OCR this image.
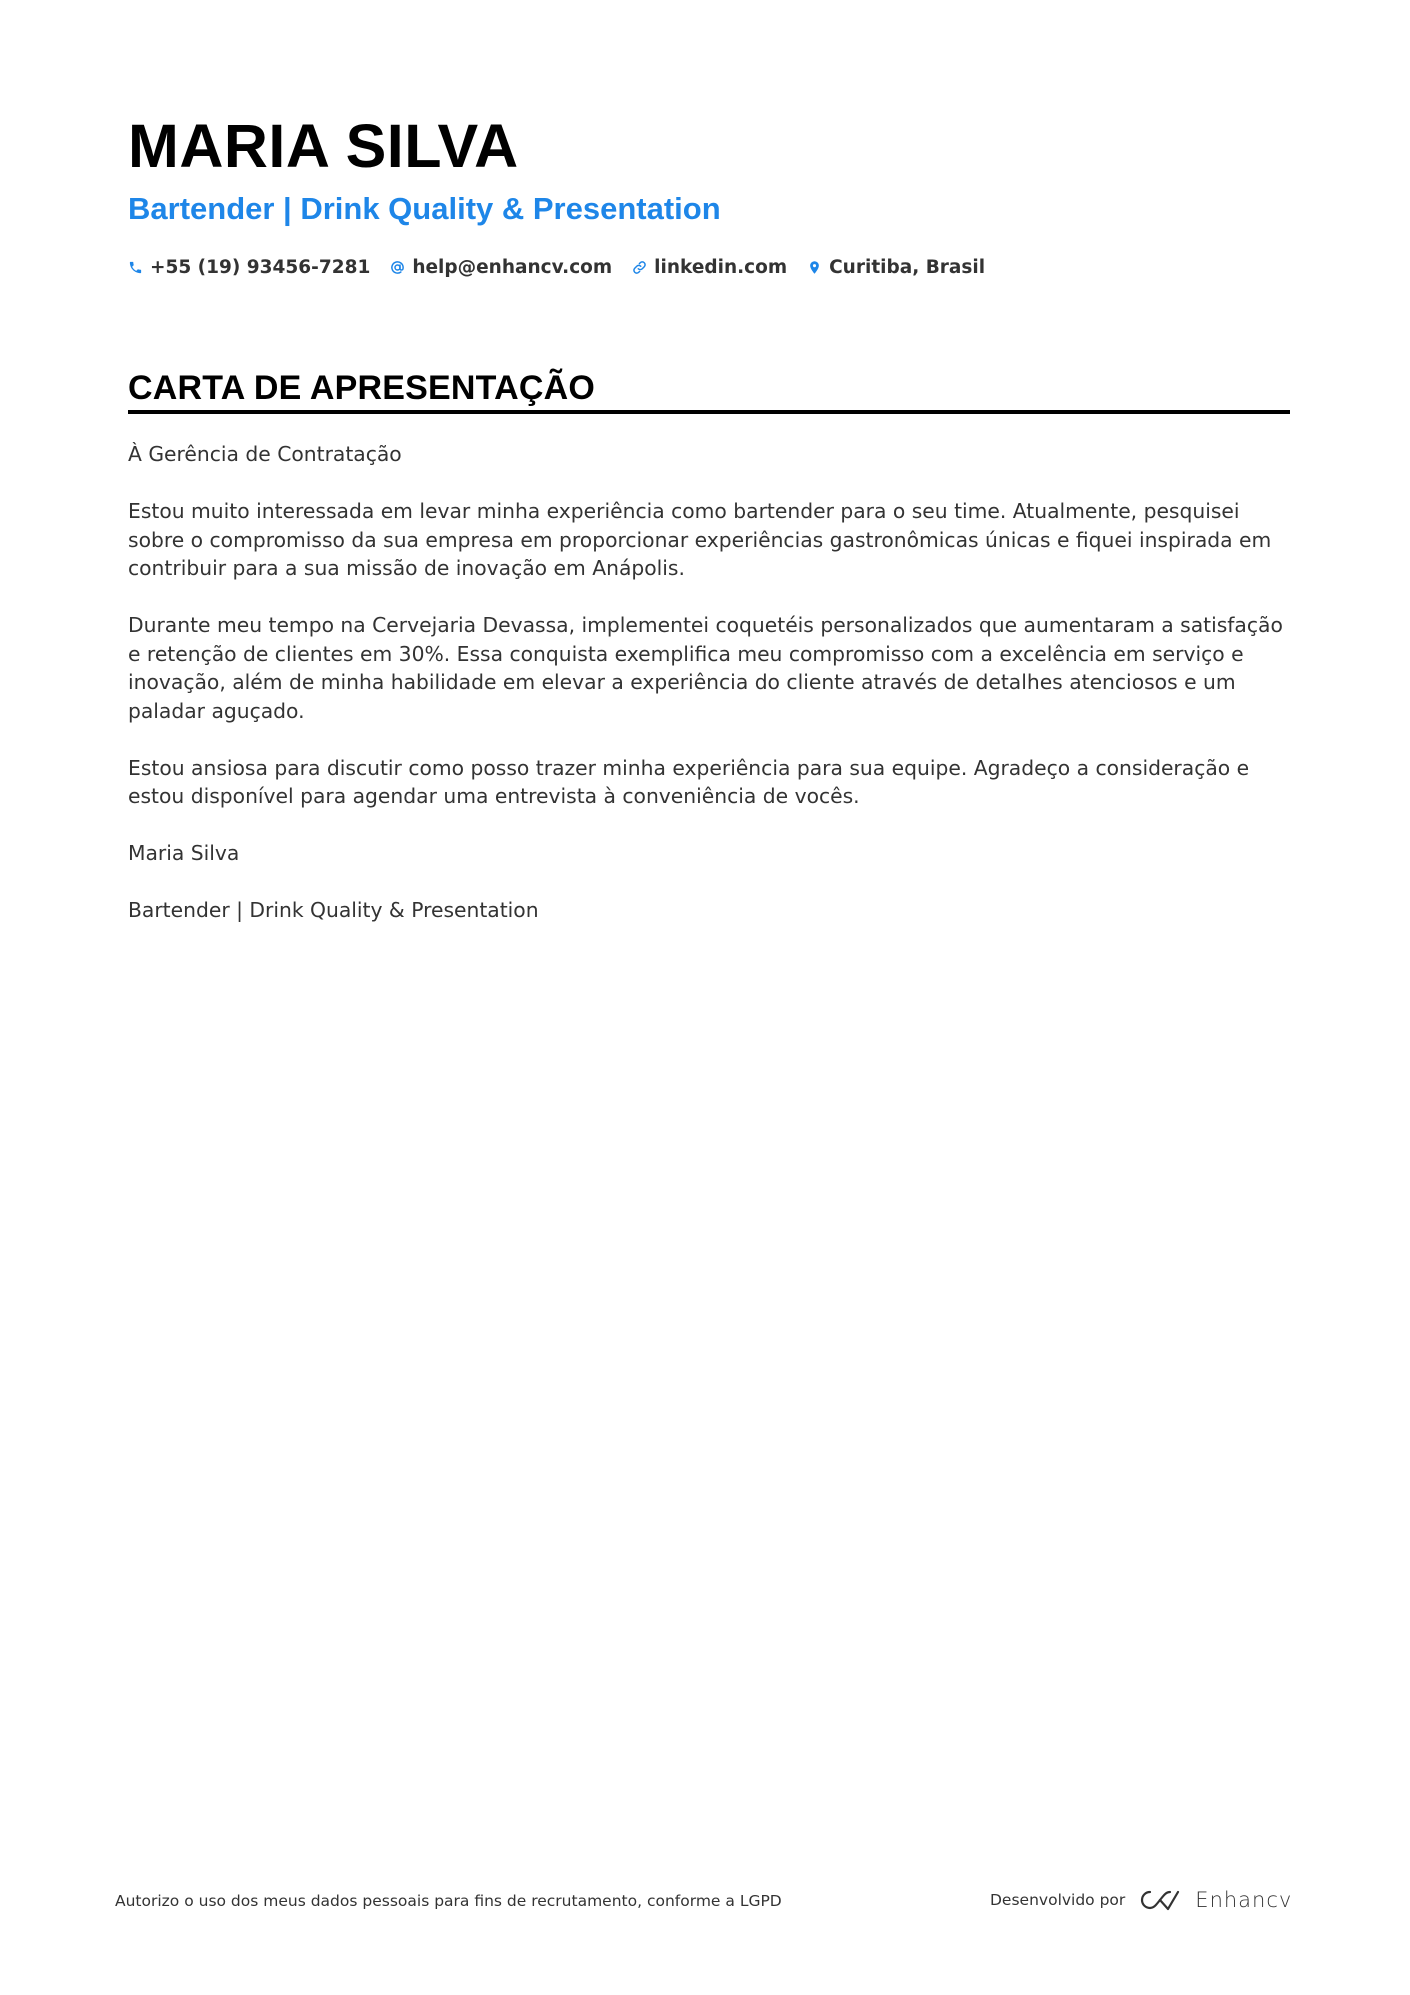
MARIA SILVA
Bartender | Drink Quality & Presentation
+55 (19) 93456-7281 help@enhancv.com linkedin.com Curitiba, Brasil
CARTA DE APRESENTAÇÃO

À Gerência de Contratação

Estou muito interessada em levar minha experiência como bartender para o seu time. Atualmente, pesquisei sobre o compromisso da sua empresa em proporcionar experiências gastronômicas únicas e fiquei inspirada em contribuir para a sua missão de inovação em Anápolis.

Durante meu tempo na Cervejaria Devassa, implementei coquetéis personalizados que aumentaram a satisfação e retenção de clientes em 30%. Essa conquista exemplifica meu compromisso com a excelência em serviço e inovação, além de minha habilidade em elevar a experiência do cliente através de detalhes atenciosos e um paladar aguçado.

Estou ansiosa para discutir como posso trazer minha experiência para sua equipe. Agradeço a consideração e estou disponível para agendar uma entrevista à conveniência de vocês.

Maria Silva

Bartender | Drink Quality & Presentation

Autorizo o uso dos meus dados pessoais para fins de recrutamento, conforme a LGPD	Desenvolvido por	Enhancv
